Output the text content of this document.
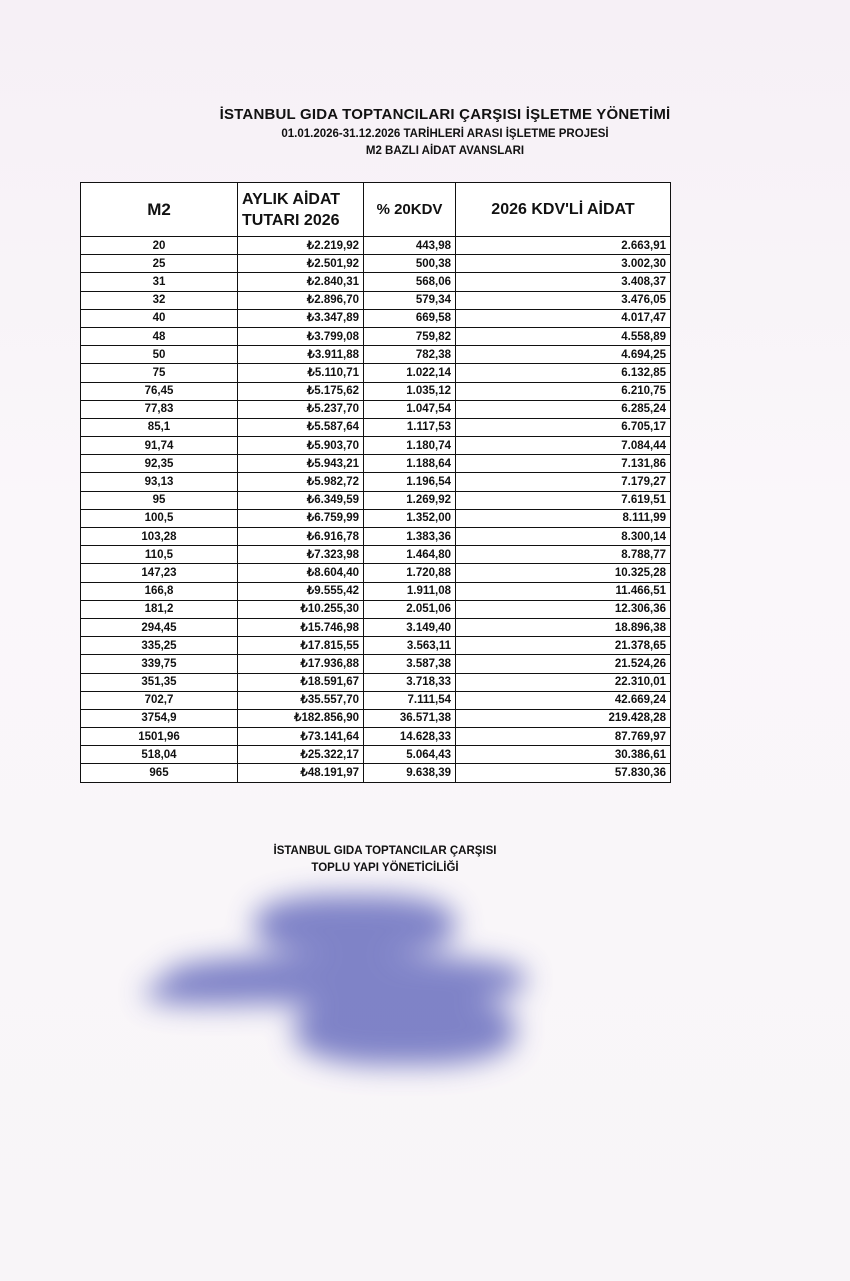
İSTANBUL GIDA TOPTANCILARI ÇARŞISI İŞLETME YÖNETİMİ
01.01.2026-31.12.2026 TARİHLERİ ARASI İŞLETME PROJESİ
M2 BAZLI AİDAT AVANSLARI
M2	AYLIK AİDAT TUTARI 2026	% 20KDV	2026 KDV'Lİ AİDAT
20	₺2.219,92	443,98	2.663,91
25	₺2.501,92	500,38	3.002,30
31	₺2.840,31	568,06	3.408,37
32	₺2.896,70	579,34	3.476,05
40	₺3.347,89	669,58	4.017,47
48	₺3.799,08	759,82	4.558,89
50	₺3.911,88	782,38	4.694,25
75	₺5.110,71	1.022,14	6.132,85
76,45	₺5.175,62	1.035,12	6.210,75
77,83	₺5.237,70	1.047,54	6.285,24
85,1	₺5.587,64	1.117,53	6.705,17
91,74	₺5.903,70	1.180,74	7.084,44
92,35	₺5.943,21	1.188,64	7.131,86
93,13	₺5.982,72	1.196,54	7.179,27
95	₺6.349,59	1.269,92	7.619,51
100,5	₺6.759,99	1.352,00	8.111,99
103,28	₺6.916,78	1.383,36	8.300,14
110,5	₺7.323,98	1.464,80	8.788,77
147,23	₺8.604,40	1.720,88	10.325,28
166,8	₺9.555,42	1.911,08	11.466,51
181,2	₺10.255,30	2.051,06	12.306,36
294,45	₺15.746,98	3.149,40	18.896,38
335,25	₺17.815,55	3.563,11	21.378,65
339,75	₺17.936,88	3.587,38	21.524,26
351,35	₺18.591,67	3.718,33	22.310,01
702,7	₺35.557,70	7.111,54	42.669,24
3754,9	₺182.856,90	36.571,38	219.428,28
1501,96	₺73.141,64	14.628,33	87.769,97
518,04	₺25.322,17	5.064,43	30.386,61
965	₺48.191,97	9.638,39	57.830,36
İSTANBUL GIDA TOPTANCILAR ÇARŞISI
TOPLU YAPI YÖNETİCİLİĞİ
